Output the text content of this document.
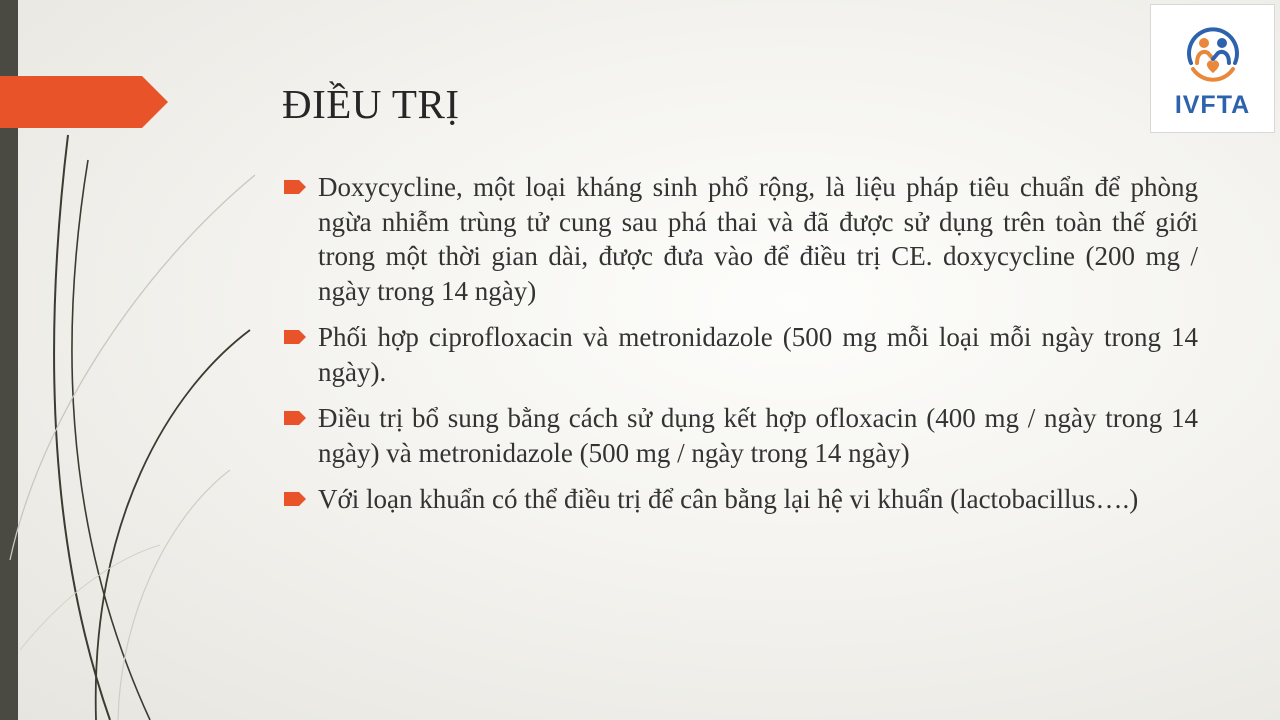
ĐIỀU TRỊ	IVFTA
Doxycycline, một loại kháng sinh phổ rộng, là liệu pháp tiêu chuẩn để phòng ngừa nhiễm trùng tử cung sau phá thai và đã được sử dụng trên toàn thế giới trong một thời gian dài, được đưa vào để điều trị CE. doxycycline (200 mg / ngày trong 14 ngày)
Phối hợp ciprofloxacin và metronidazole (500 mg mỗi loại mỗi ngày trong 14 ngày).
Điều trị bổ sung bằng cách sử dụng kết hợp ofloxacin (400 mg / ngày trong 14 ngày) và metronidazole (500 mg / ngày trong 14 ngày)
Với loạn khuẩn có thể điều trị để cân bằng lại hệ vi khuẩn (lactobacillus….)
